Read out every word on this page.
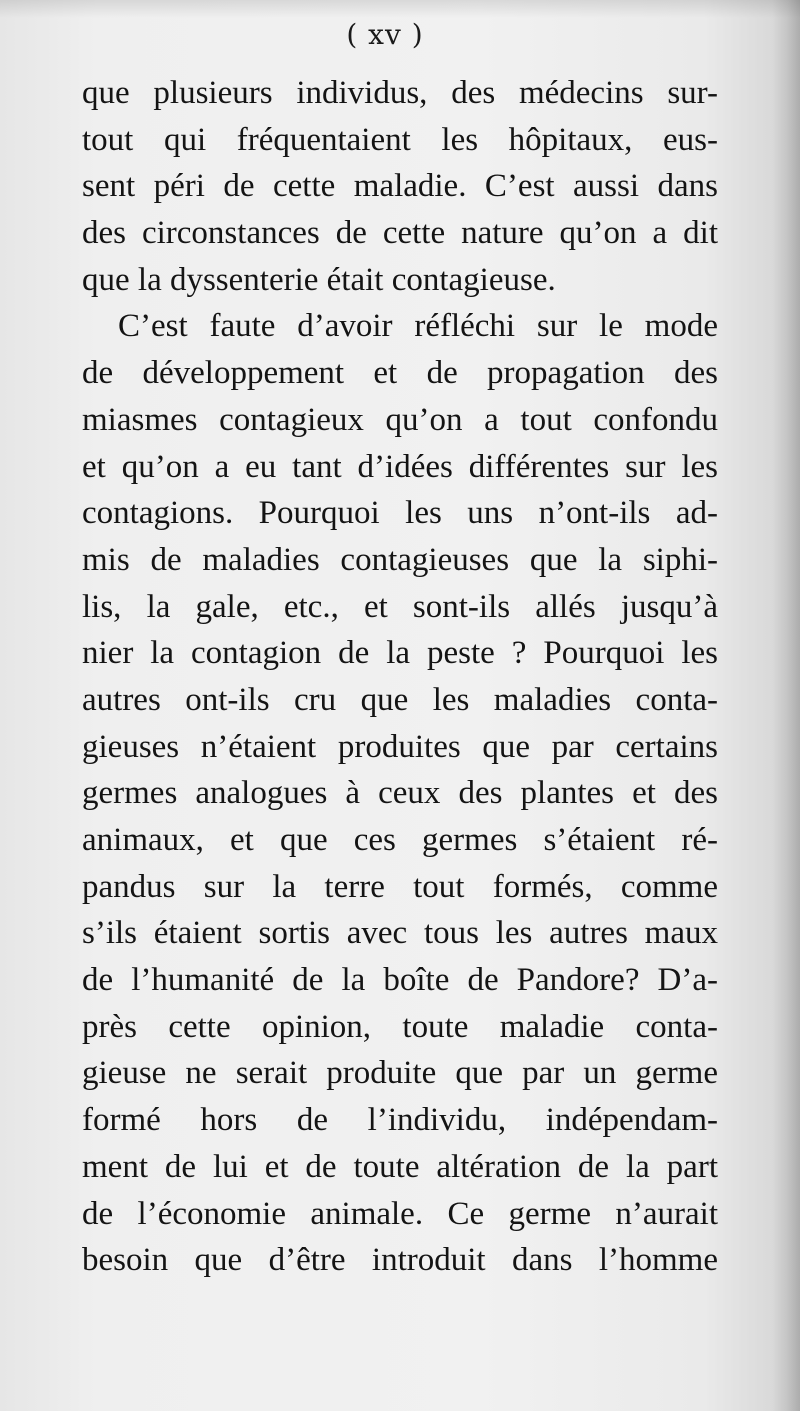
( xv )
que plusieurs individus, des médecins sur-
tout qui fréquentaient les hôpitaux, eus-
sent péri de cette maladie. C’est aussi dans
des circonstances de cette nature qu’on a dit
que la dyssenterie était contagieuse.
C’est faute d’avoir réfléchi sur le mode
de développement et de propagation des
miasmes contagieux qu’on a tout confondu
et qu’on a eu tant d’idées différentes sur les
contagions. Pourquoi les uns n’ont-ils ad-
mis de maladies contagieuses que la siphi-
lis, la gale, etc., et sont-ils allés jusqu’à
nier la contagion de la peste ? Pourquoi les
autres ont-ils cru que les maladies conta-
gieuses n’étaient produites que par certains
germes analogues à ceux des plantes et des
animaux, et que ces germes s’étaient ré-
pandus sur la terre tout formés, comme
s’ils étaient sortis avec tous les autres maux
de l’humanité de la boîte de Pandore? D’a-
près cette opinion, toute maladie conta-
gieuse ne serait produite que par un germe
formé hors de l’individu, indépendam-
ment de lui et de toute altération de la part
de l’économie animale. Ce germe n’aurait
besoin que d’être introduit dans l’homme
